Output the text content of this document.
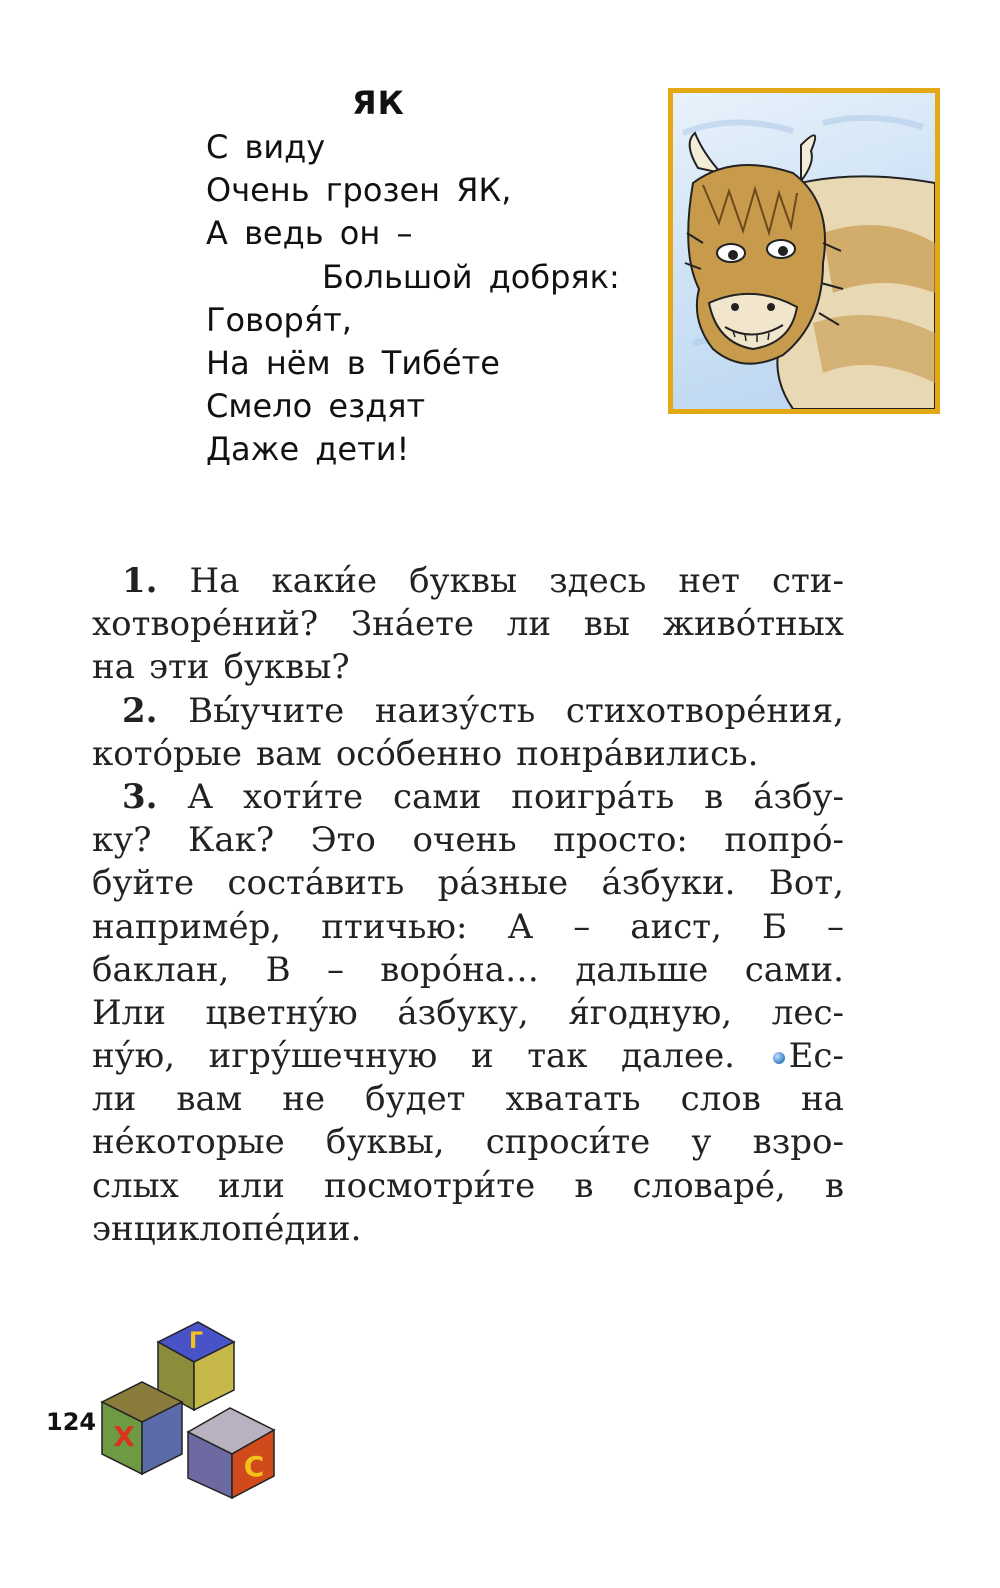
ЯК
С виду
Очень грозен ЯК,
А ведь он –
Большой добряк:
Говоря́т,
На нём в Тибе́те
Смело ездят
Даже дети!
1. На каки́е буквы здесь нет сти-
хотворе́ний? Зна́ете ли вы живо́тных
на эти буквы?
2. Вы́учите наизу́сть стихотворе́ния,
кото́рые вам осо́бенно понра́вились.
3. А хоти́те сами поигра́ть в а́збу-
ку? Как? Это очень просто: попро́-
буйте соста́вить ра́зные а́збуки. Вот,
наприме́р, птичью: А – аист, Б –
баклан, В – воро́на… дальше сами.
Или цветну́ю а́збуку, я́годную, лес-
ну́ю, игру́шечную и так далее.	Ес-
ли вам не будет хватать слов на
не́которые буквы, спроси́те у взро-
слых или посмотри́те в словаре́, в
энциклопе́дии.
124
Г
Х
С
